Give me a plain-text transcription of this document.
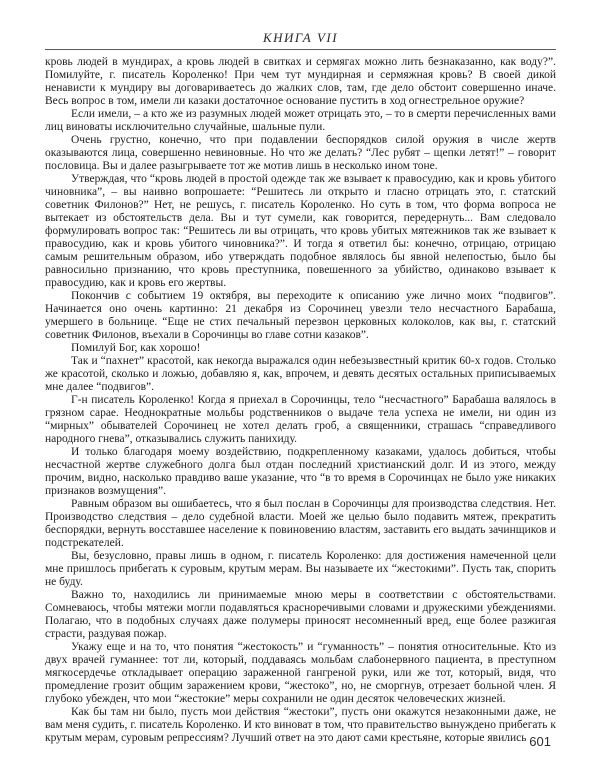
КНИГА VII

кровь людей в мундирах, а кровь людей в свитках и сермягах можно лить безнаказанно, как воду?”. Помилуйте, г. писатель Короленко! При чем тут мундирная и сермяжная кровь? В своей дикой ненависти к мундиру вы договариваетесь до жалких слов, там, где дело обстоит совершенно иначе. Весь вопрос в том, имели ли казаки достаточное основание пустить в ход огнестрельное оружие?

Если имели, – а кто же из разумных людей может отрицать это, – то в смерти перечисленных вами лиц виноваты исключительно случайные, шальные пули.

Очень грустно, конечно, что при подавлении беспорядков силой оружия в числе жертв оказываются лица, совершенно невиновные. Но что же делать? “Лес рубят – щепки летят!” – говорит пословица. Вы и далее разыгрываете тот же мотив лишь в несколько ином тоне.

Утверждая, что “кровь людей в простой одежде так же взывает к правосудию, как и кровь убитого чиновника”, – вы наивно вопрошаете: “Решитесь ли открыто и гласно отрицать это, г. статский советник Филонов?” Нет, не решусь, г. писатель Короленко. Но суть в том, что форма вопроса не вытекает из обстоятельств дела. Вы и тут сумели, как говорится, передернуть... Вам следовало формулировать вопрос так: “Решитесь ли вы отрицать, что кровь убитых мятежников так же взывает к правосудию, как и кровь убитого чиновника?”. И тогда я ответил бы: конечно, отрицаю, отрицаю самым решительным образом, ибо утверждать подобное являлось бы явной нелепостью, было бы равносильно признанию, что кровь преступника, повешенного за убийство, одинаково взывает к правосудию, как и кровь его жертвы.

Покончив с событием 19 октября, вы переходите к описанию уже лично моих “подвигов”. Начинается оно очень картинно: 21 декабря из Сорочинец увезли тело несчастного Барабаша, умершего в больнице. “Еще не стих печальный перезвон церковных колоколов, как вы, г. статский советник Филонов, въехали в Сорочинцы во главе сотни казаков”.

Помилуй Бог, как хорошо!

Так и “пахнет” красотой, как некогда выражался один небезызвестный критик 60-х годов. Столько же красотой, сколько и ложью, добавляю я, как, впрочем, и девять десятых остальных приписываемых мне далее “подвигов”.

Г-н писатель Короленко! Когда я приехал в Сорочинцы, тело “несчастного” Барабаша валялось в грязном сарае. Неоднократные мольбы родственников о выдаче тела успеха не имели, ни один из “мирных” обывателей Сорочинец не хотел делать гроб, а священники, страшась “справедливого народного гнева”, отказывались служить панихиду.

И только благодаря моему воздействию, подкрепленному казаками, удалось добиться, чтобы несчастной жертве служебного долга был отдан последний христианский долг. И из этого, между прочим, видно, насколько правдиво ваше указание, что “в то время в Сорочинцах не было уже никаких признаков возмущения”.

Равным образом вы ошибаетесь, что я был послан в Сорочинцы для производства следствия. Нет. Производство следствия – дело судебной власти. Моей же целью было подавить мятеж, прекратить беспорядки, вернуть восставшее население к повиновению властям, заставить его выдать зачинщиков и подстрекателей.

Вы, безусловно, правы лишь в одном, г. писатель Короленко: для достижения намеченной цели мне пришлось прибегать к суровым, крутым мерам. Вы называете их “жестокими”. Пусть так, спорить не буду.

Важно то, находились ли принимаемые мною меры в соответствии с обстоятельствами. Сомневаюсь, чтобы мятежи могли подавляться красноречивыми словами и дружескими убеждениями. Полагаю, что в подобных случаях даже полумеры приносят несомненный вред, еще более разжигая страсти, раздувая пожар.

Укажу еще и на то, что понятия “жестокость” и “гуманность” – понятия относительные. Кто из двух врачей гуманнее: тот ли, который, поддаваясь мольбам слабонервного пациента, в преступном мягкосердечье откладывает операцию зараженной гангреной руки, или же тот, который, видя, что промедление грозит общим заражением крови, “жестоко”, но, не сморгнув, отрезает больной член. Я глубоко убежден, что мои “жестокие” меры сохранили не один десяток человеческих жизней.

Как бы там ни было, пусть мои действия “жестоки”, пусть они окажутся незаконными даже, не вам меня судить, г. писатель Короленко. И кто виноват в том, что правительство вынуждено прибегать к крутым мерам, суровым репрессиям? Лучший ответ на это дают сами крестьяне, которые явились 601
